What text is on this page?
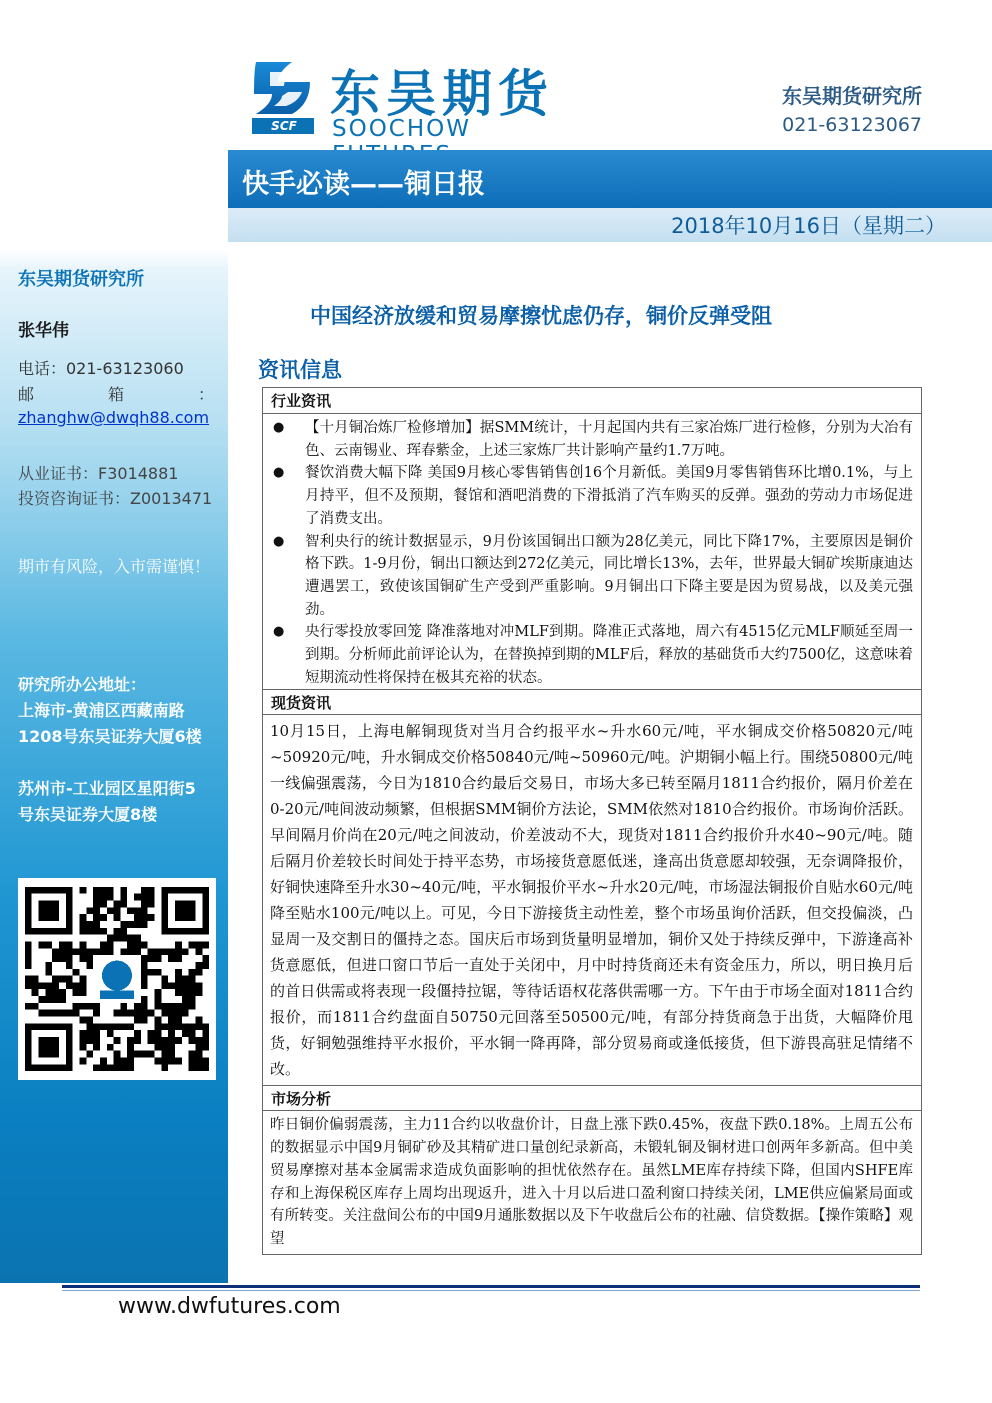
东吴期货研究所
张华伟
电话：021-63123060
邮	箱	：
zhanghw@dwqh88.com
从业证书：F3014881
投资咨询证书：Z0013471
期市有风险，入市需谨慎！
研究所办公地址：
上海市-黄浦区西藏南路
1208号东吴证券大厦6楼
苏州市-工业园区星阳街5
号东吴证券大厦8楼
SCF
东吴期货
SOOCHOW
东吴期货研究所
021-63123067
快手必读——铜日报
2018年10月16日（星期二）
中国经济放缓和贸易摩擦忧虑仍存，铜价反弹受阻
资讯信息
行业资讯
●	【十月铜冶炼厂检修增加】据SMM统计，十月起国内共有三家冶炼厂进行检修，分别为大冶有色、云南锡业、珲春紫金，上述三家炼厂共计影响产量约1.7万吨。
●	餐饮消费大幅下降 美国9月核心零售销售创16个月新低。美国9月零售销售环比增0.1%，与上月持平，但不及预期，餐馆和酒吧消费的下滑抵消了汽车购买的反弹。强劲的劳动力市场促进了消费支出。
●	智利央行的统计数据显示，9月份该国铜出口额为28亿美元，同比下降17%，主要原因是铜价格下跌。1-9月份，铜出口额达到272亿美元，同比增长13%，去年，世界最大铜矿埃斯康迪达遭遇罢工，致使该国铜矿生产受到严重影响。9月铜出口下降主要是因为贸易战，以及美元强劲。
●	央行零投放零回笼 降准落地对冲MLF到期。降准正式落地，周六有4515亿元MLF顺延至周一到期。分析师此前评论认为，在替换掉到期的MLF后，释放的基础货币大约7500亿，这意味着短期流动性将保持在极其充裕的状态。
现货资讯
10月15日，上海电解铜现货对当月合约报平水~升水60元/吨，平水铜成交价格50820元/吨~50920元/吨，升水铜成交价格50840元/吨~50960元/吨。沪期铜小幅上行。围绕50800元/吨一线偏强震荡，今日为1810合约最后交易日，市场大多已转至隔月1811合约报价，隔月价差在0-20元/吨间波动频繁，但根据SMM铜价方法论，SMM依然对1810合约报价。市场询价活跃。早间隔月价尚在20元/吨之间波动，价差波动不大，现货对1811合约报价升水40~90元/吨。随后隔月价差较长时间处于持平态势，市场接货意愿低迷，逢高出货意愿却较强，无奈调降报价，好铜快速降至升水30~40元/吨，平水铜报价平水~升水20元/吨，市场湿法铜报价自贴水60元/吨降至贴水100元/吨以上。可见，今日下游接货主动性差，整个市场虽询价活跃，但交投偏淡，凸显周一及交割日的僵持之态。国庆后市场到货量明显增加，铜价又处于持续反弹中，下游逢高补货意愿低，但进口窗口节后一直处于关闭中，月中时持货商还未有资金压力，所以，明日换月后的首日供需或将表现一段僵持拉锯，等待话语权花落供需哪一方。下午由于市场全面对1811合约报价，而1811合约盘面自50750元回落至50500元/吨，有部分持货商急于出货，大幅降价甩货，好铜勉强维持平水报价，平水铜一降再降，部分贸易商或逢低接货，但下游畏高驻足情绪不改。
市场分析
昨日铜价偏弱震荡，主力11合约以收盘价计，日盘上涨下跌0.45%，夜盘下跌0.18%。上周五公布的数据显示中国9月铜矿砂及其精矿进口量创纪录新高，未锻轧铜及铜材进口创两年多新高。但中美贸易摩擦对基本金属需求造成负面影响的担忧依然存在。虽然LME库存持续下降，但国内SHFE库存和上海保税区库存上周均出现返升，进入十月以后进口盈利窗口持续关闭，LME供应偏紧局面或有所转变。关注盘间公布的中国9月通胀数据以及下午收盘后公布的社融、信贷数据。【操作策略】观望
www.dwfutures.com
